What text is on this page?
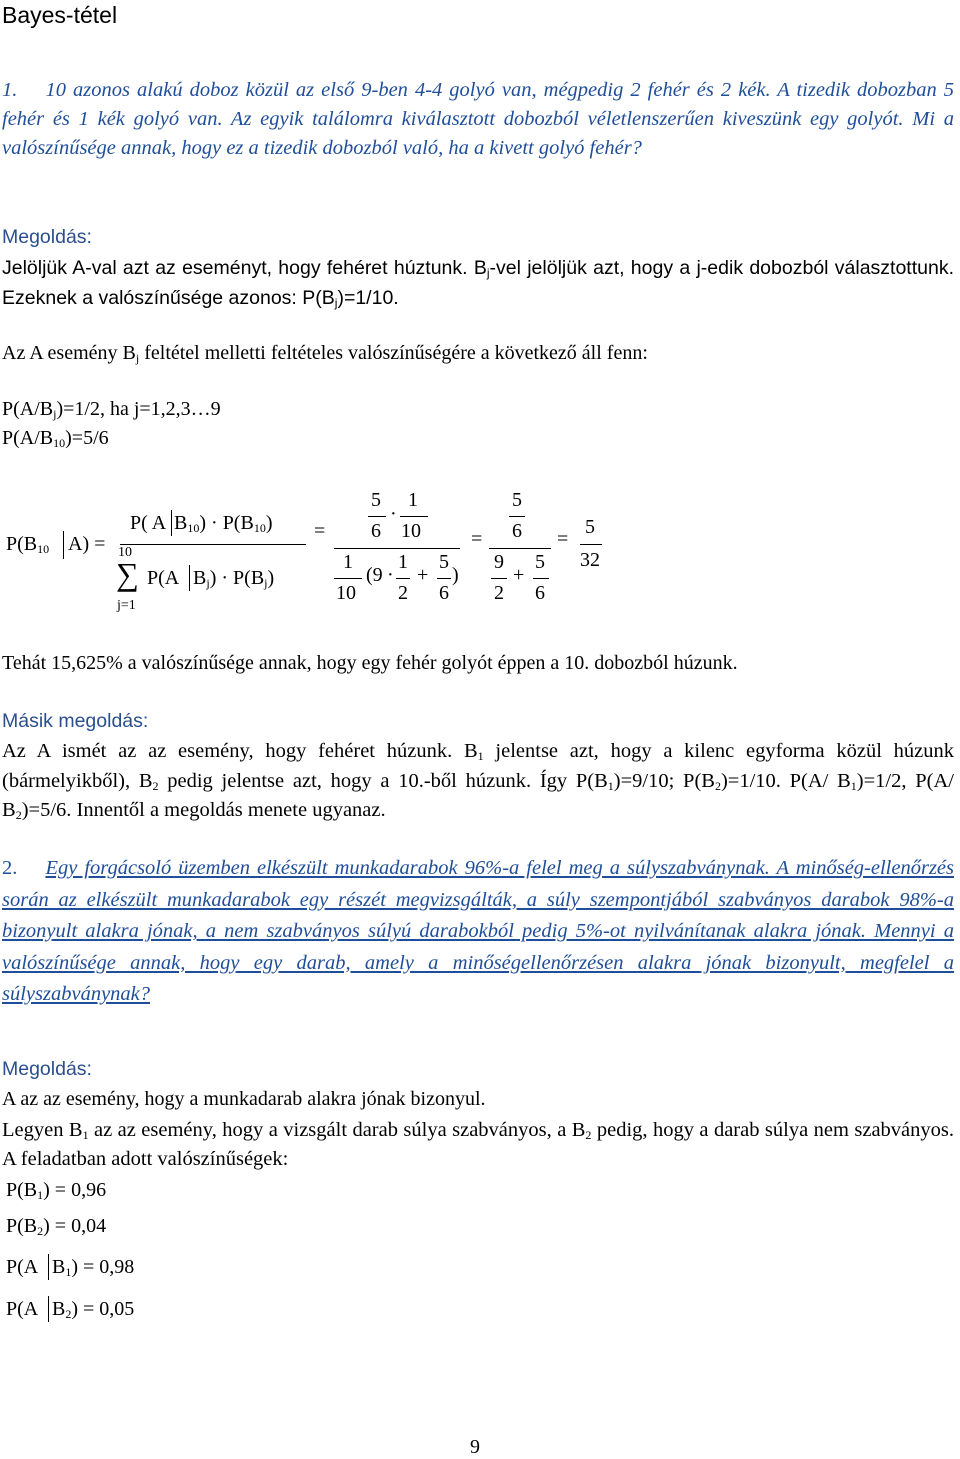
Bayes-tétel
1. 10 azonos alakú doboz közül az első 9-ben 4-4 golyó van, mégpedig 2 fehér és 2 kék. A tizedik dobozban 5 fehér és 1 kék golyó van. Az egyik találomra kiválasztott dobozból véletlenszerűen kiveszünk egy golyót. Mi a valószínűsége annak, hogy ez a tizedik dobozból való, ha a kivett golyó fehér?
Megoldás:
Jelöljük A-val azt az eseményt, hogy fehéret húztunk. $B_j$-vel jelöljük azt, hogy a j-edik dobozból választottunk. Ezeknek a valószínűsége azonos: $P(B_j)=1/10$.
Az A esemény $B_j$ feltétel melletti feltételes valószínűségére a következő áll fenn:
$P(A/B_j)=1/2$, ha j=1,2,3…9
$P(A/B_{10})=5/6$
$P(B_{10}$ A) =
P( A $B_{10}) \cdot P(B_{10})$
10
∑
j=1
P(A $B_j) \cdot P(B_j)$
=
5 1
·
6 10
1
10
(9 ·
1
2
+
5
6
)
=
5
6
9
2
+
5
6
=
5
32
Tehát 15,625% a valószínűsége annak, hogy egy fehér golyót éppen a 10. dobozból húzunk.
Másik megoldás:
Az A ismét az az esemény, hogy fehéret húzunk. $B_1$ jelentse azt, hogy a kilenc egyforma közül húzunk (bármelyikből), $B_2$ pedig jelentse azt, hogy a 10.-ből húzunk. Így $P(B_1)=9/10$; $P(B_2)=1/10$. P(A/ $B_1)=1/2$, P(A/ $B_2)=5/6$. Innentől a megoldás menete ugyanaz.
2. Egy forgácsoló üzemben elkészült munkadarabok 96%-a felel meg a súlyszabványnak. A minőség-ellenőrzés során az elkészült munkadarabok egy részét megvizsgálták, a súly szempontjából szabványos darabok 98%-a bizonyult alakra jónak, a nem szabványos súlyú darabokból pedig 5%-ot nyilvánítanak alakra jónak. Mennyi a valószínűsége annak, hogy egy darab, amely a minőségellenőrzésen alakra jónak bizonyult, megfelel a súlyszabványnak?
Megoldás:
A az az esemény, hogy a munkadarab alakra jónak bizonyul.
Legyen $B_1$ az az esemény, hogy a vizsgált darab súlya szabványos, a $B_2$ pedig, hogy a darab súlya nem szabványos. A feladatban adott valószínűségek:
$P(B_1) = 0,96$
$P(B_2) = 0,04$
P(A $B_1) = 0,98$
P(A $B_2) = 0,05$
9
